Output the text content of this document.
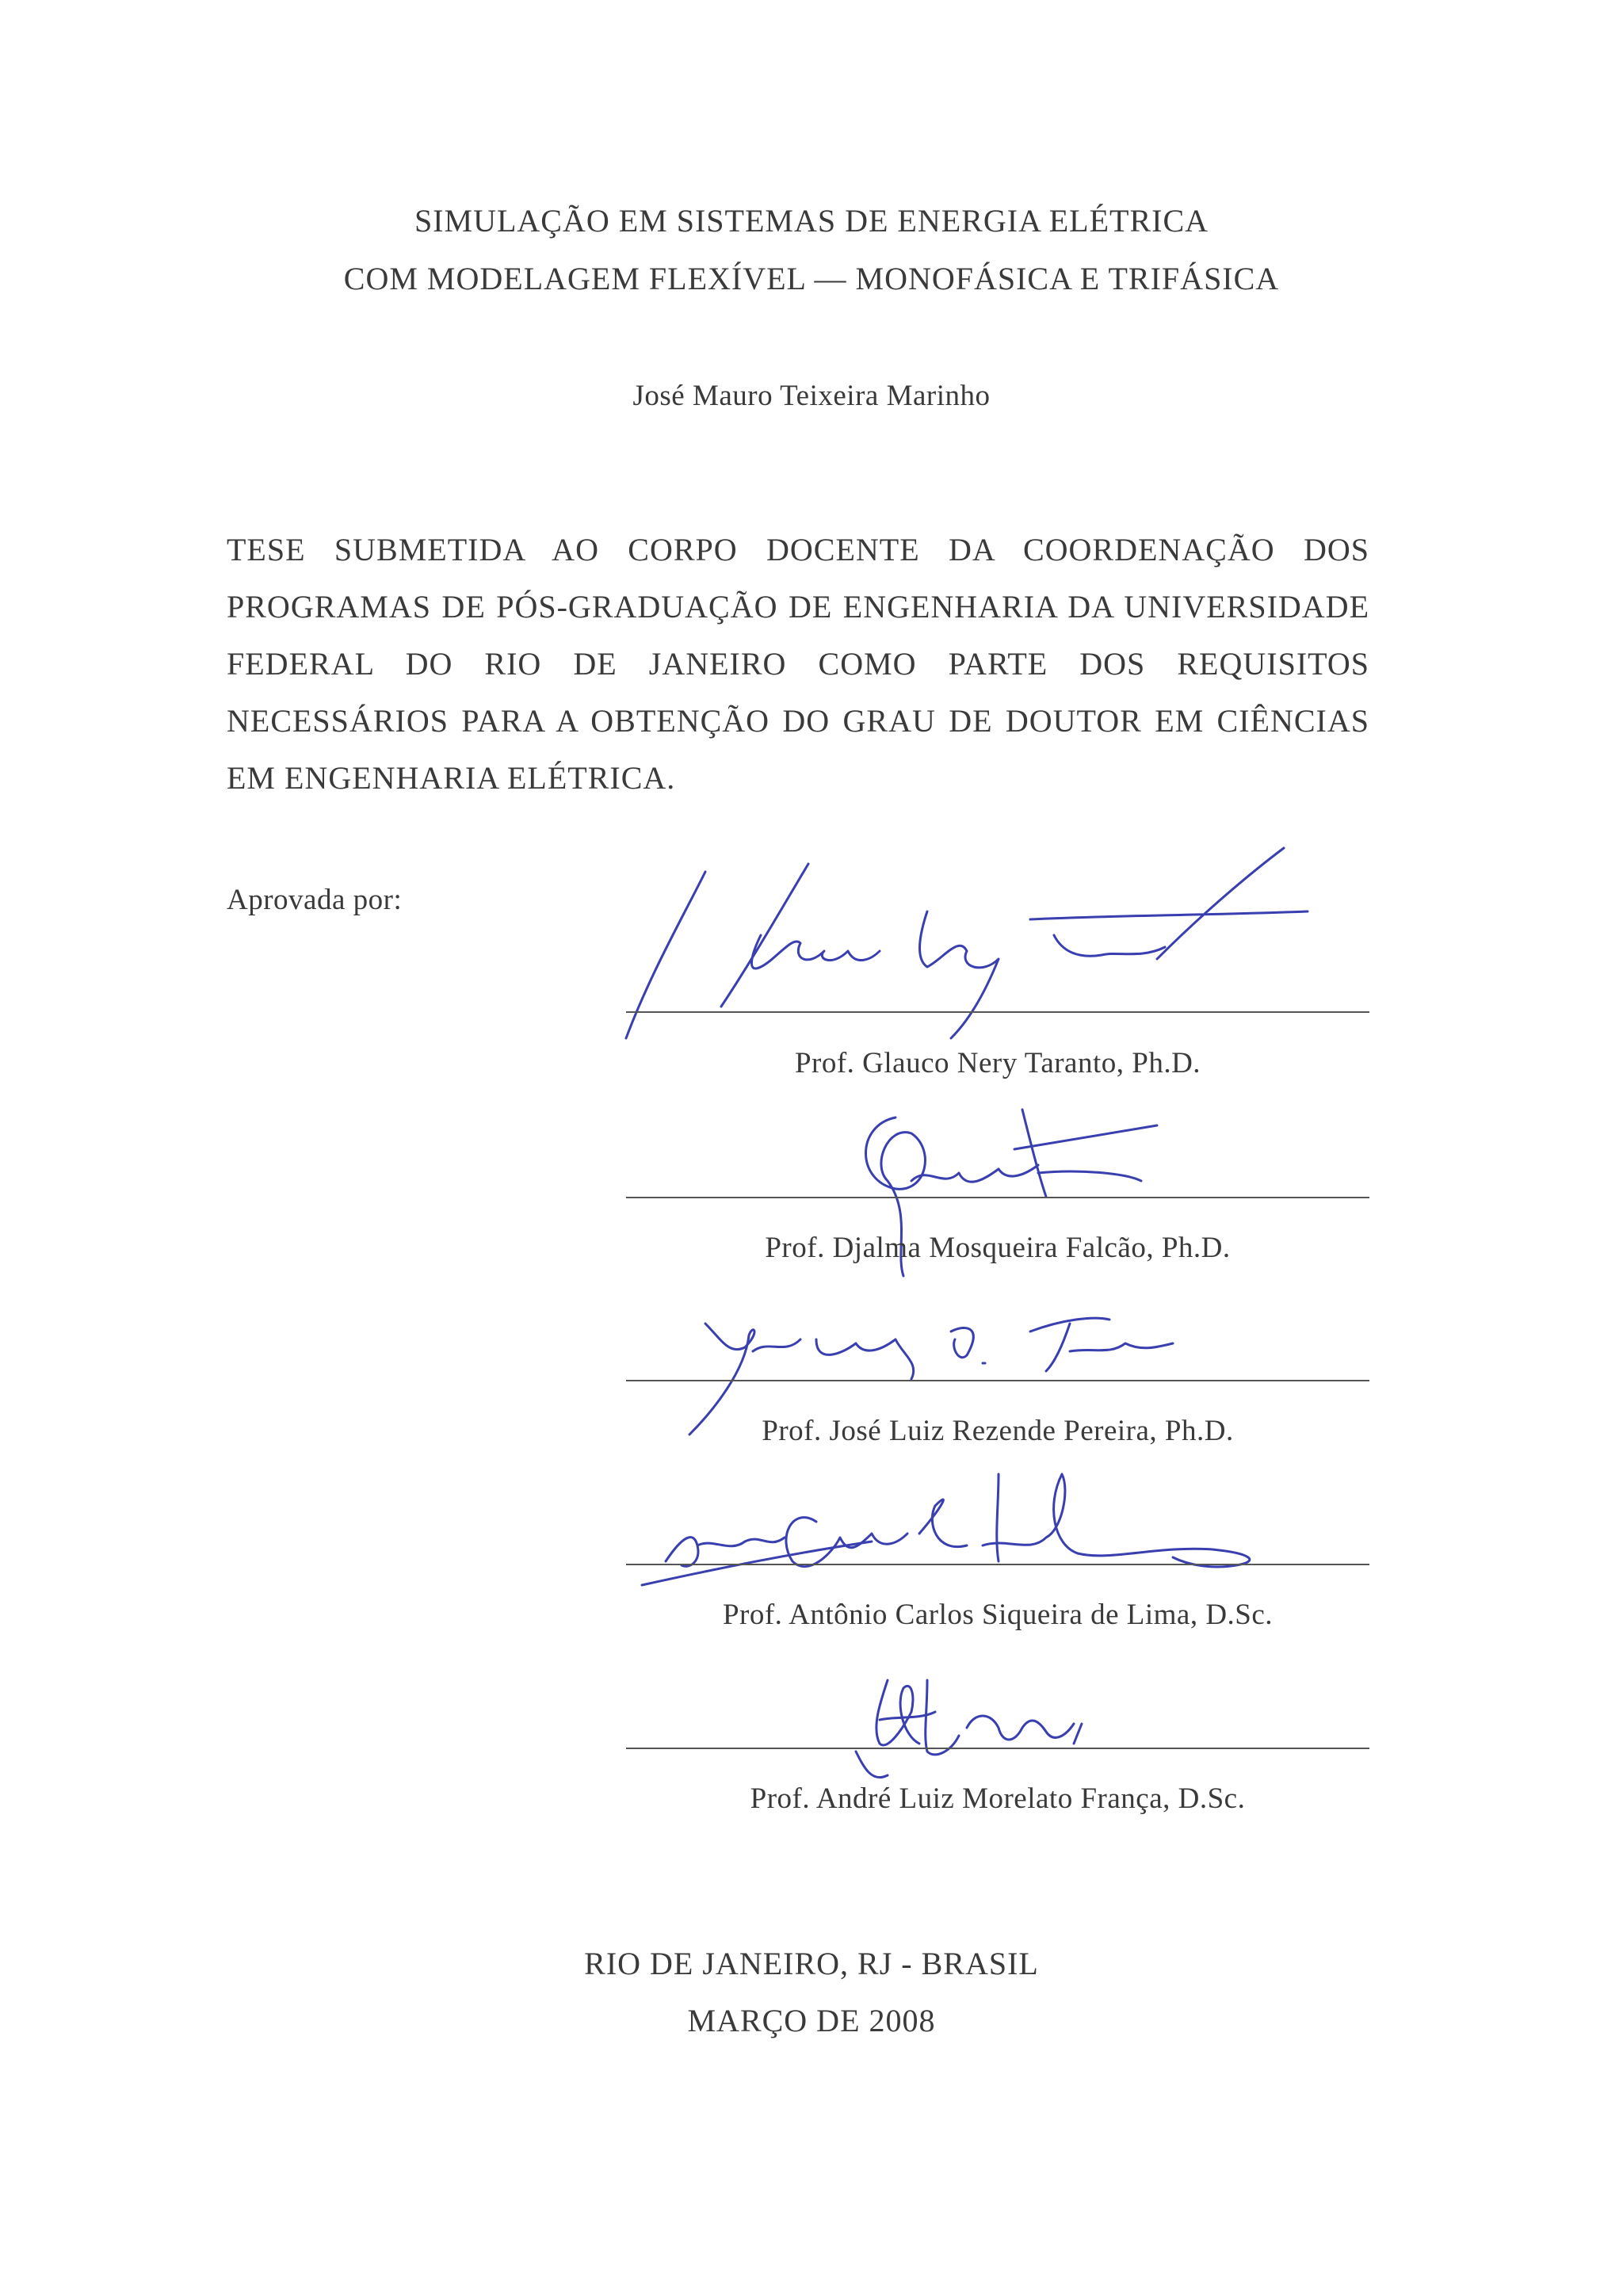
SIMULAÇÃO EM SISTEMAS DE ENERGIA ELÉTRICA
COM MODELAGEM FLEXÍVEL — MONOFÁSICA E TRIFÁSICA
José Mauro Teixeira Marinho
TESE SUBMETIDA AO CORPO DOCENTE DA COORDENAÇÃO DOS
PROGRAMAS DE PÓS-GRADUAÇÃO DE ENGENHARIA DA UNIVERSIDADE
FEDERAL DO RIO DE JANEIRO COMO PARTE DOS REQUISITOS
NECESSÁRIOS PARA A OBTENÇÃO DO GRAU DE DOUTOR EM CIÊNCIAS
EM ENGENHARIA ELÉTRICA.
Aprovada por:
Prof. Glauco Nery Taranto, Ph.D.
Prof. Djalma Mosqueira Falcão, Ph.D.
Prof. José Luiz Rezende Pereira, Ph.D.
Prof. Antônio Carlos Siqueira de Lima, D.Sc.
Prof. André Luiz Morelato França, D.Sc.
RIO DE JANEIRO, RJ - BRASIL
MARÇO DE 2008
